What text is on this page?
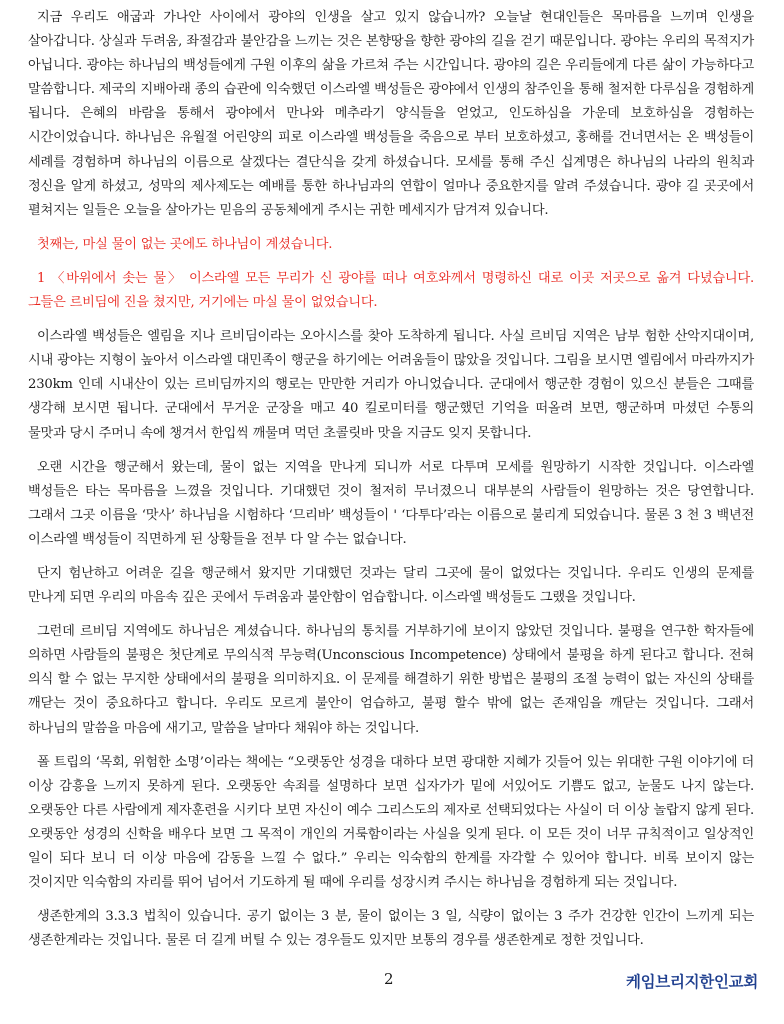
지금 우리도 애굽과 가나안 사이에서 광야의 인생을 살고 있지 않습니까? 오늘날 현대인들은 목마름을 느끼며 인생을 살아갑니다. 상실과 두려움, 좌절감과 불안감을 느끼는 것은 본향땅을 향한 광야의 길을 걷기 때문입니다. 광야는 우리의 목적지가 아닙니다. 광야는 하나님의 백성들에게 구원 이후의 삶을 가르쳐 주는 시간입니다. 광야의 길은 우리들에게 다른 삶이 가능하다고 말씀합니다. 제국의 지배아래 종의 습관에 익숙했던 이스라엘 백성들은 광야에서 인생의 참주인을 통해 철저한 다루심을 경험하게 됩니다. 은혜의 바람을 통해서 광야에서 만나와 메추라기 양식들을 얻었고, 인도하심을 가운데 보호하심을 경험하는 시간이었습니다. 하나님은 유월절 어린양의 피로 이스라엘 백성들을 죽음으로 부터 보호하셨고, 홍해를 건너면서는 온 백성들이 세례를 경험하며 하나님의 이름으로 살겠다는 결단식을 갖게 하셨습니다. 모세를 통해 주신 십계명은 하나님의 나라의 원칙과 정신을 알게 하셨고, 성막의 제사제도는 예배를 통한 하나님과의 연합이 얼마나 중요한지를 알려 주셨습니다. 광야 길 곳곳에서 펼쳐지는 일들은 오늘을 살아가는 믿음의 공동체에게 주시는 귀한 메세지가 담겨져 있습니다.

첫째는, 마실 물이 없는 곳에도 하나님이 계셨습니다.

1 〈바위에서 솟는 물〉 이스라엘 모든 무리가 신 광야를 떠나 여호와께서 명령하신 대로 이곳 저곳으로 옮겨 다녔습니다. 그들은 르비딤에 진을 쳤지만, 거기에는 마실 물이 없었습니다.

이스라엘 백성들은 엘림을 지나 르비딤이라는 오아시스를 찾아 도착하게 됩니다. 사실 르비딤 지역은 남부 험한 산악지대이며, 시내 광야는 지형이 높아서 이스라엘 대민족이 행군을 하기에는 어려움들이 많았을 것입니다. 그림을 보시면 엘림에서 마라까지가 230km 인데 시내산이 있는 르비딤까지의 행로는 만만한 거리가 아니었습니다. 군대에서 행군한 경험이 있으신 분들은 그때를 생각해 보시면 됩니다. 군대에서 무거운 군장을 매고 40 킬로미터를 행군했던 기억을 떠올려 보면, 행군하며 마셨던 수통의 물맛과 당시 주머니 속에 챙겨서 한입씩 깨물며 먹던 초콜릿바 맛을 지금도 잊지 못합니다.

오랜 시간을 행군해서 왔는데, 물이 없는 지역을 만나게 되니까 서로 다투며 모세를 원망하기 시작한 것입니다. 이스라엘 백성들은 타는 목마름을 느꼈을 것입니다. 기대했던 것이 철저히 무너졌으니 대부분의 사람들이 원망하는 것은 당연합니다. 그래서 그곳 이름을 ‘맛사’ 하나님을 시험하다 ‘므리바’ 백성들이 ' ‘다투다’라는 이름으로 불리게 되었습니다. 물론 3 천 3 백년전 이스라엘 백성들이 직면하게 된 상황들을 전부 다 알 수는 없습니다.

단지 험난하고 어려운 길을 행군해서 왔지만 기대했던 것과는 달리 그곳에 물이 없었다는 것입니다. 우리도 인생의 문제를 만나게 되면 우리의 마음속 깊은 곳에서 두려움과 불안함이 엄습합니다. 이스라엘 백성들도 그랬을 것입니다.

그런데 르비딤 지역에도 하나님은 계셨습니다. 하나님의 통치를 거부하기에 보이지 않았던 것입니다. 불평을 연구한 학자들에 의하면 사람들의 불평은 첫단계로 무의식적 무능력(Unconscious Incompetence) 상태에서 불평을 하게 된다고 합니다. 전혀 의식 할 수 없는 무지한 상태에서의 불평을 의미하지요. 이 문제를 해결하기 위한 방법은 불평의 조절 능력이 없는 자신의 상태를 깨닫는 것이 중요하다고 합니다. 우리도 모르게 불안이 엄습하고, 불평 할수 밖에 없는 존재임을 깨닫는 것입니다. 그래서 하나님의 말씀을 마음에 새기고, 말씀을 날마다 채워야 하는 것입니다.

폴 트립의 ‘목회, 위험한 소명’이라는 책에는 “오랫동안 성경을 대하다 보면 광대한 지혜가 깃들어 있는 위대한 구원 이야기에 더 이상 감흥을 느끼지 못하게 된다. 오랫동안 속죄를 설명하다 보면 십자가가 밑에 서있어도 기쁨도 없고, 눈물도 나지 않는다. 오랫동안 다른 사람에게 제자훈련을 시키다 보면 자신이 예수 그리스도의 제자로 선택되었다는 사실이 더 이상 놀랍지 않게 된다. 오랫동안 성경의 신학을 배우다 보면 그 목적이 개인의 거룩함이라는 사실을 잊게 된다. 이 모든 것이 너무 규칙적이고 일상적인 일이 되다 보니 더 이상 마음에 감동을 느낄 수 없다.” 우리는 익숙함의 한계를 자각할 수 있어야 합니다. 비록 보이지 않는 것이지만 익숙함의 자리를 뛰어 넘어서 기도하게 될 때에 우리를 성장시켜 주시는 하나님을 경험하게 되는 것입니다.

생존한계의 3.3.3 법칙이 있습니다. 공기 없이는 3 분, 물이 없이는 3 일, 식량이 없이는 3 주가 건강한 인간이 느끼게 되는 생존한계라는 것입니다. 물론 더 길게 버틸 수 있는 경우들도 있지만 보통의 경우를 생존한계로 정한 것입니다.

2	케임브리지한인교회
